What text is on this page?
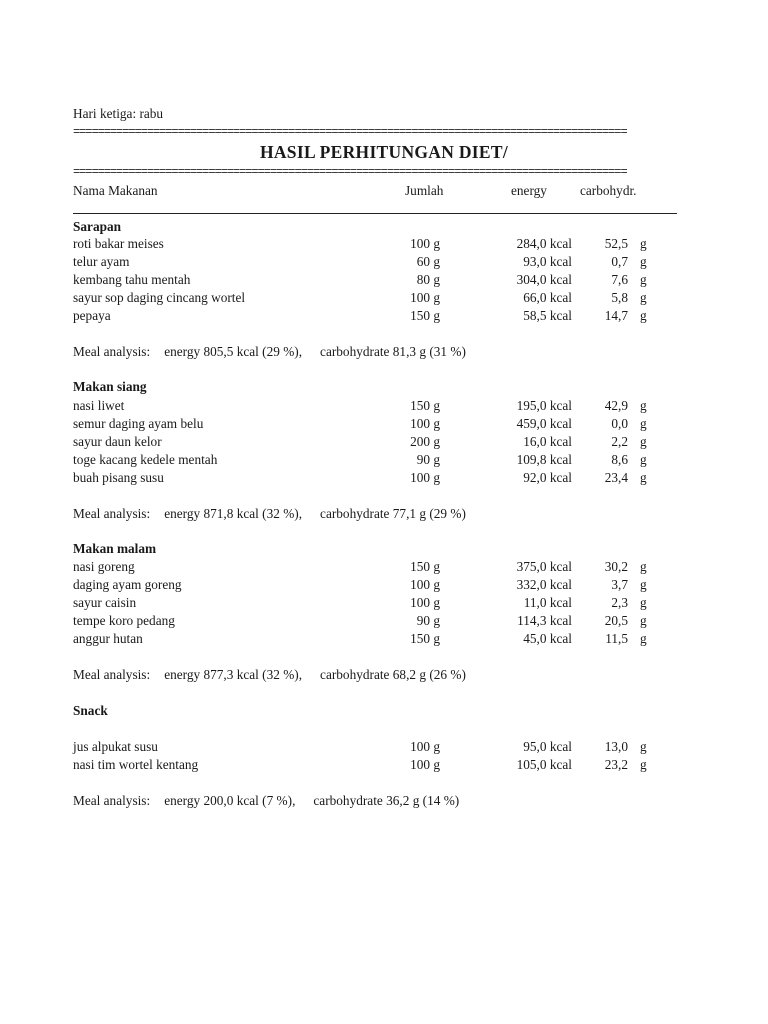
Hari ketiga: rabu
==========================================================================================
HASIL PERHITUNGAN DIET/
==========================================================================================
Nama Makanan	Jumlah	energy carbohydr.
Sarapan
roti bakar meises	100 g	284,0 kcal	52,5 g
telur ayam	60 g	93,0 kcal	0,7 g
kembang tahu mentah	80 g	304,0 kcal	7,6 g
sayur sop daging cincang wortel	100 g	66,0 kcal	5,8 g
pepaya	150 g	58,5 kcal	14,7 g
Meal analysis: energy 805,5 kcal (29 %), carbohydrate 81,3 g (31 %)
Makan siang
nasi liwet	150 g	195,0 kcal	42,9 g
semur daging ayam belu	100 g	459,0 kcal	0,0 g
sayur daun kelor	200 g	16,0 kcal	2,2 g
toge kacang kedele mentah	90 g	109,8 kcal	8,6 g
buah pisang susu	100 g	92,0 kcal	23,4 g
Meal analysis: energy 871,8 kcal (32 %), carbohydrate 77,1 g (29 %)
Makan malam
nasi goreng	150 g	375,0 kcal	30,2 g
daging ayam goreng	100 g	332,0 kcal	3,7 g
sayur caisin	100 g	11,0 kcal	2,3 g
tempe koro pedang	90 g	114,3 kcal	20,5 g
anggur hutan	150 g	45,0 kcal	11,5 g
Meal analysis: energy 877,3 kcal (32 %), carbohydrate 68,2 g (26 %)
Snack
jus alpukat susu	100 g	95,0 kcal	13,0 g
nasi tim wortel kentang	100 g	105,0 kcal	23,2 g
Meal analysis: energy 200,0 kcal (7 %), carbohydrate 36,2 g (14 %)
